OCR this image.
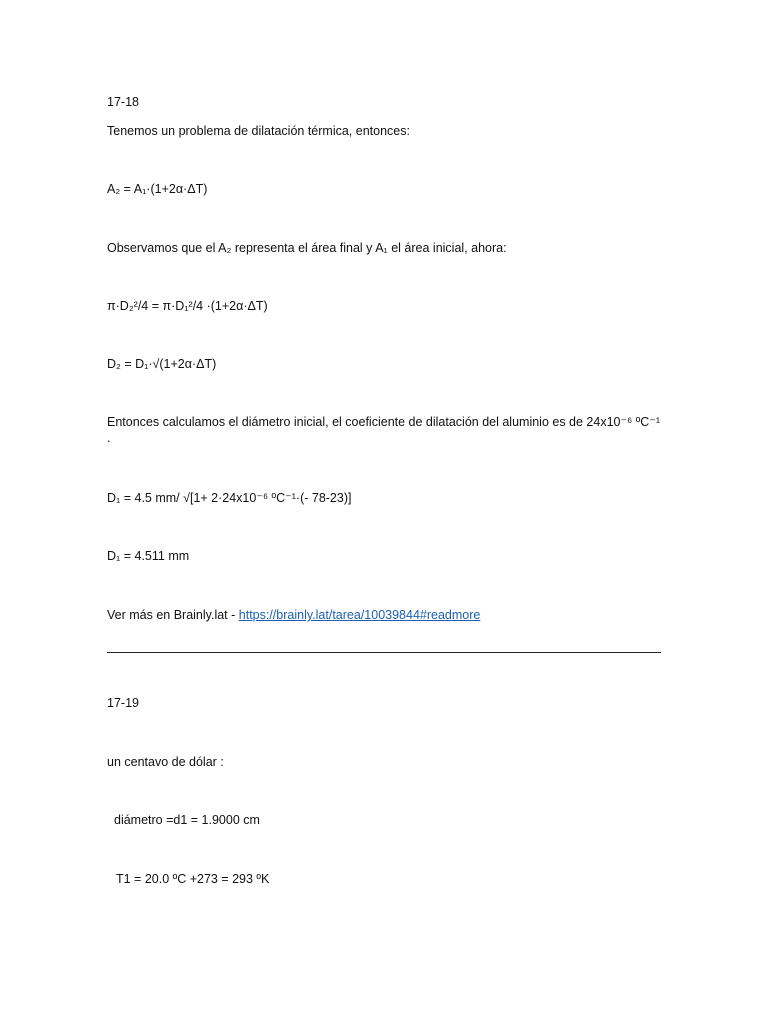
17-18
Tenemos un problema de dilatación térmica, entonces:
A₂ = A₁·(1+2α·ΔT)
Observamos que el A₂ representa el área final y A₁ el área inicial, ahora:
π·D₂²/4 = π·D₁²/4 ·(1+2α·ΔT)
D₂ = D₁·√(1+2α·ΔT)
Entonces calculamos el diámetro inicial, el coeficiente de dilatación del aluminio es de 24x10⁻⁶ ºC⁻¹
.
D₁ = 4.5 mm/ √[1+ 2·24x10⁻⁶ ºC⁻¹·(- 78-23)]
D₁ = 4.511 mm
Ver más en Brainly.lat - https://brainly.lat/tarea/10039844#readmore
17-19
un centavo de dólar :
diámetro =d1 = 1.9000 cm
T1 = 20.0 ºC +273 = 293 ºK
